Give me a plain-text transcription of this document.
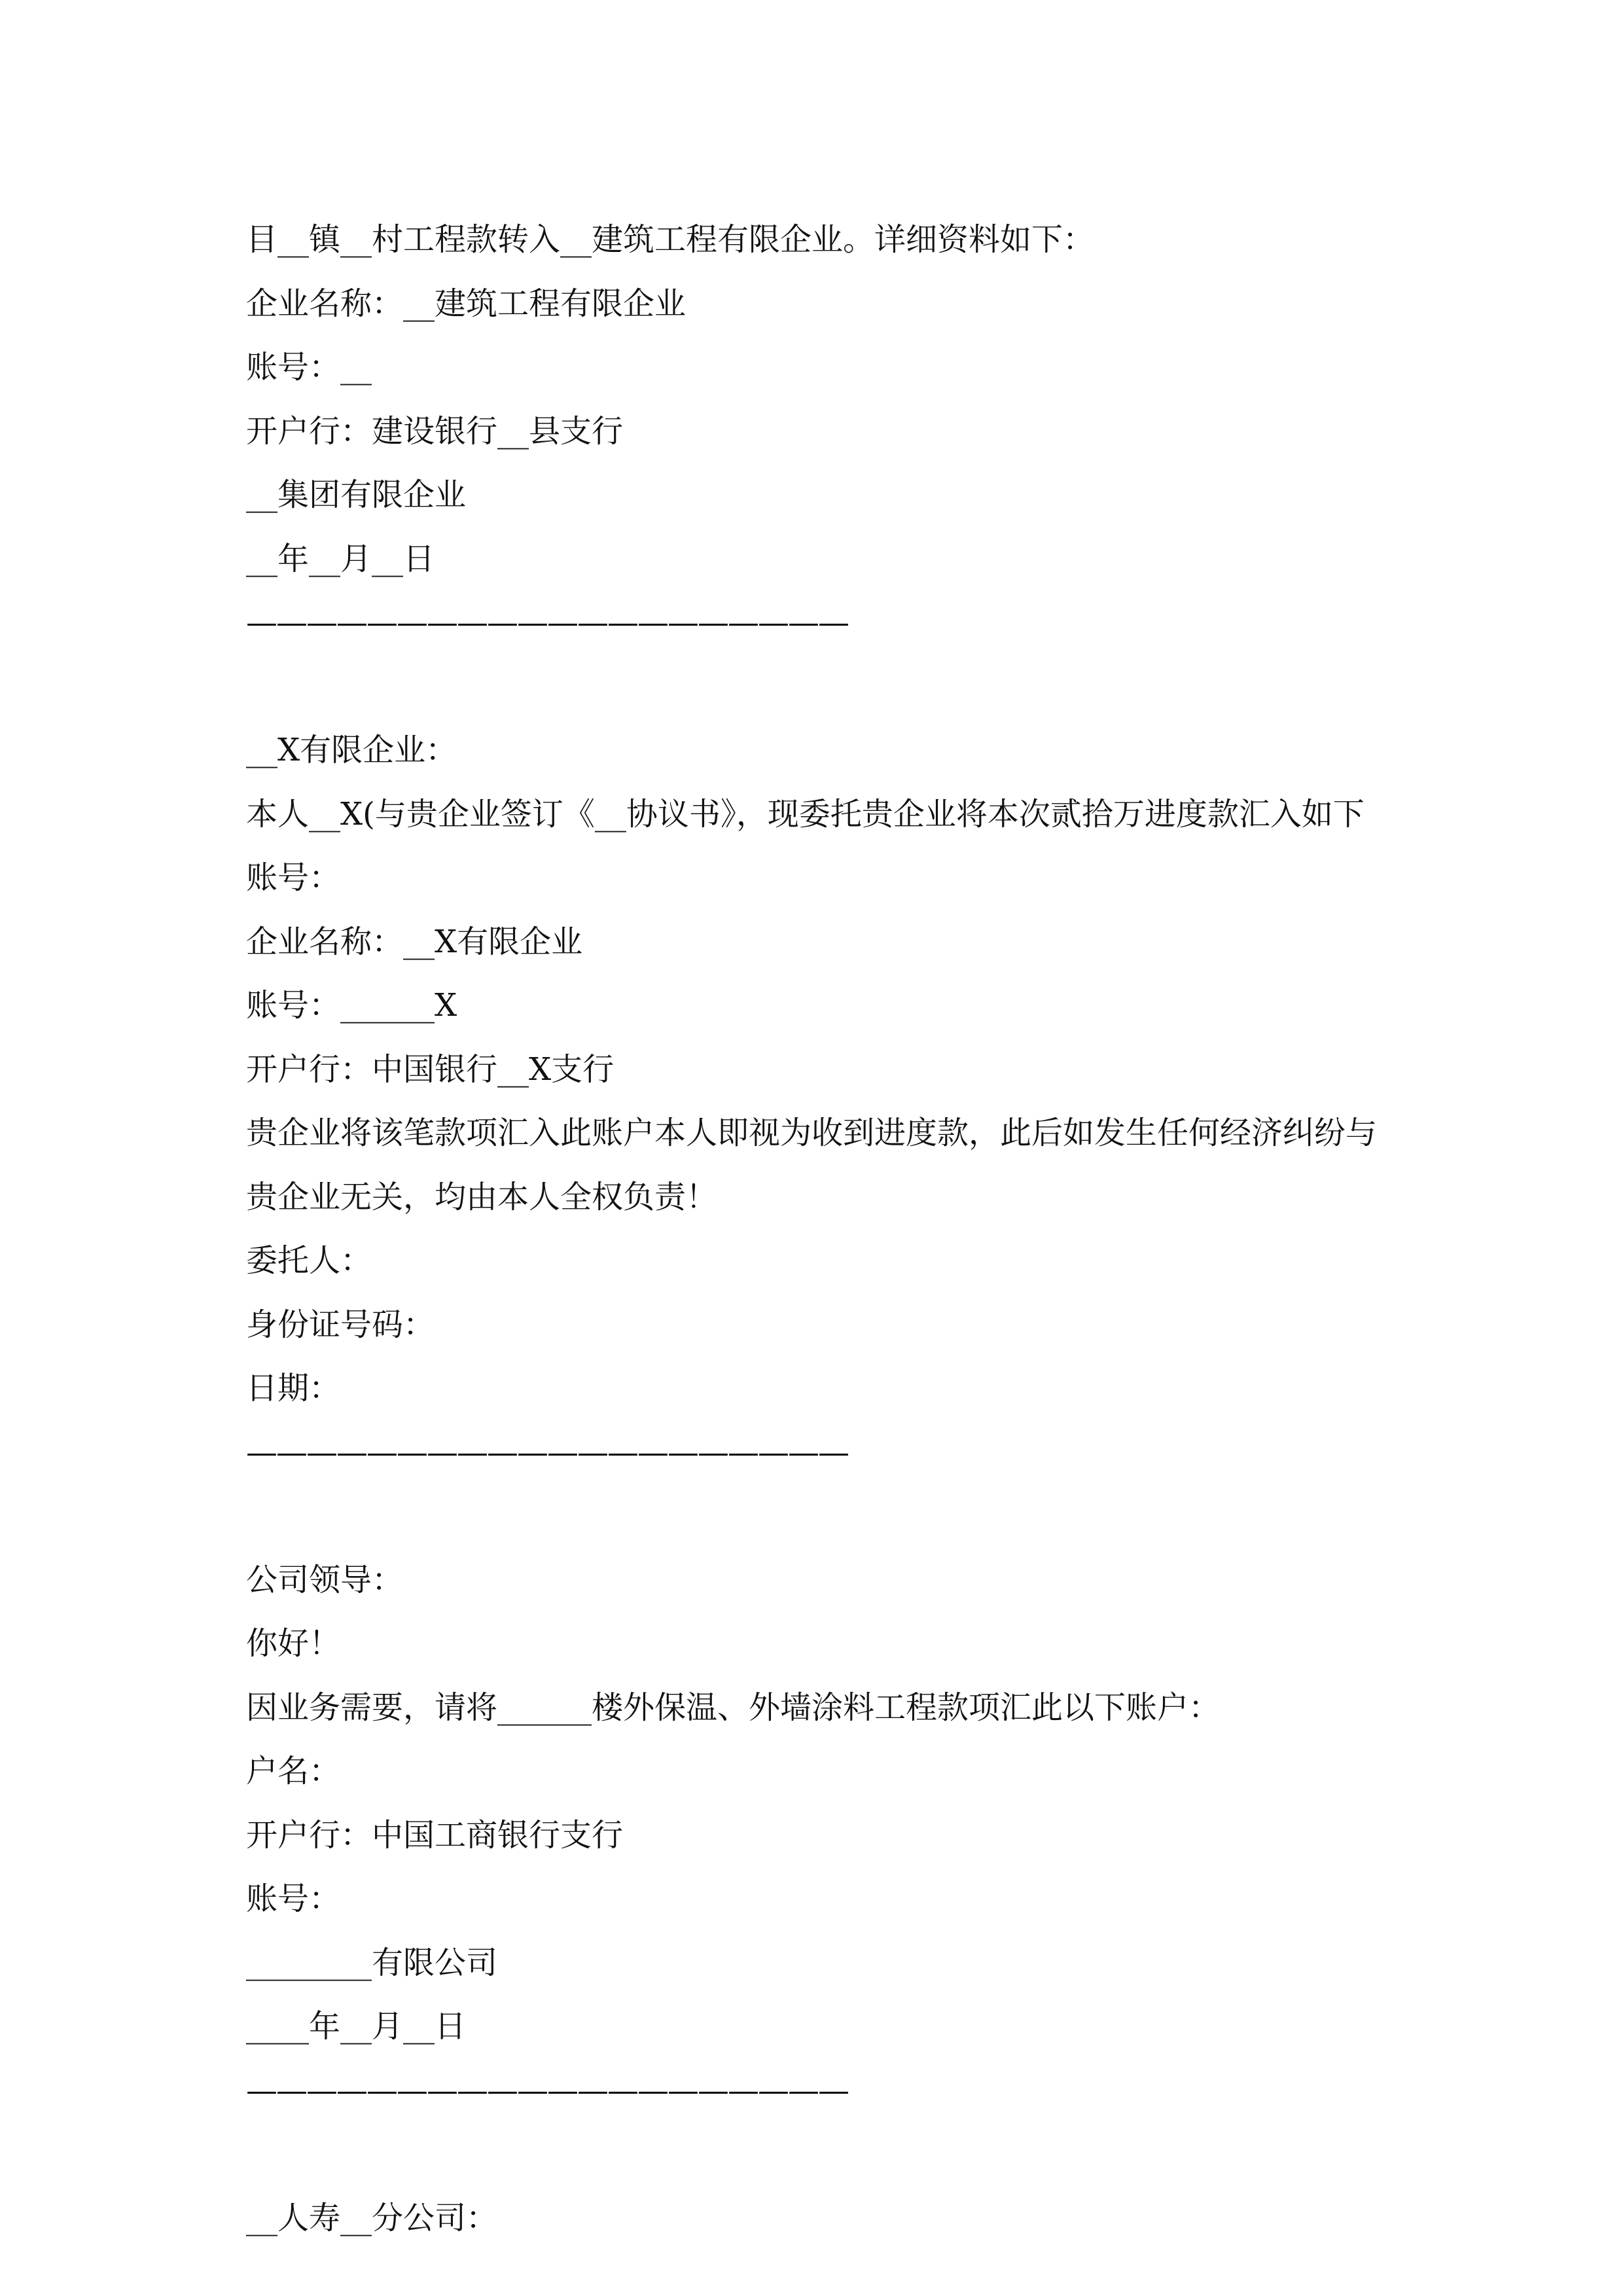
目__镇__村工程款转入__建筑工程有限企业。详细资料如下：

企业名称：__建筑工程有限企业

账号：__

开户行：建设银行__县支行

__集团有限企业

__年__月__日

————————————————————

__X有限企业：

本人__X(与贵企业签订《__协议书》，现委托贵企业将本次贰拾万进度款汇入如下账号：

企业名称：__X有限企业

账号：______X

开户行：中国银行__X支行

贵企业将该笔款项汇入此账户本人即视为收到进度款，此后如发生任何经济纠纷与贵企业无关，均由本人全权负责！

委托人：

身份证号码：

日期：

————————————————————

公司领导：

你好！

因业务需要，请将______楼外保温、外墙涂料工程款项汇此以下账户：

户名：

开户行：中国工商银行支行

账号：

________有限公司

____年__月__日

————————————————————

__人寿__分公司：
